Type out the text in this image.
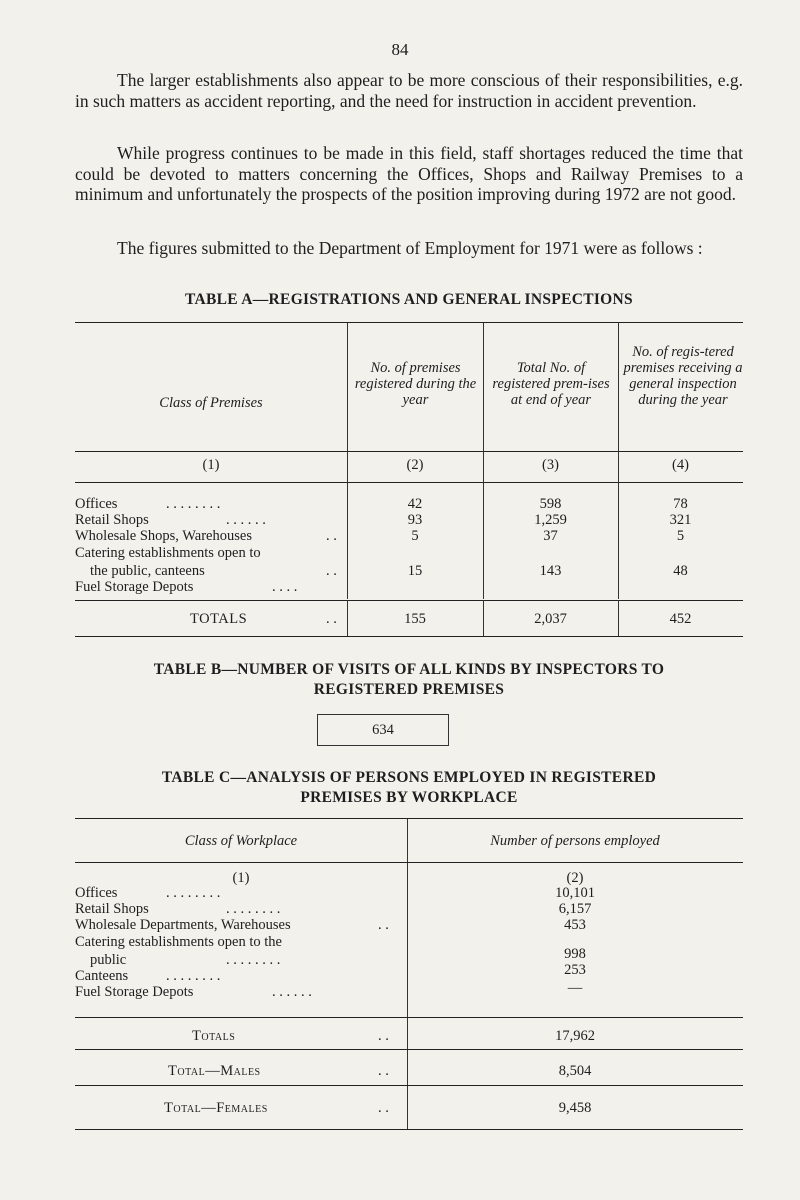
84

The larger establishments also appear to be more conscious of their responsibilities, e.g. in such matters as accident reporting, and the need for instruction in accident prevention.

While progress continues to be made in this field, staff shortages reduced the time that could be devoted to matters concerning the Offices, Shops and Railway Premises to a minimum and unfortunately the prospects of the position improving during 1972 are not good.

The figures submitted to the Department of Employment for 1971 were as follows :

TABLE A—REGISTRATIONS AND GENERAL INSPECTIONS

Class of Premises
No. of premises registered during the year
Total No. of registered prem-ises at end of year
No. of regis-tered premises receiving a general inspection during the year
(1)	(2)	(3)	(4)
Offices	. . . . . . . .	42	598	78
Retail Shops	. . . . . .	93	1,259	321
Wholesale Shops, Warehouses	. .	5	37	5
Catering establishments open to
the public, canteens	. .	15	143	48
Fuel Storage Depots	. . . .
TOTALS	. .	155	2,037	452

TABLE B—NUMBER OF VISITS OF ALL KINDS BY INSPECTORS TO

REGISTERED PREMISES

634

TABLE C—ANALYSIS OF PERSONS EMPLOYED IN REGISTERED

PREMISES BY WORKPLACE

Class of Workplace	Number of persons employed
(1)	(2)
Offices	. . . . . . . .	10,101
Retail Shops	. . . . . . . .	6,157
Wholesale Departments, Warehouses	. .	453
Catering establishments open to the
public	. . . . . . . .	998
Canteens	. . . . . . . .	253
Fuel Storage Depots	. . . . . .	—
Totals	. .	17,962
Total—Males	. .	8,504
Total—Females	. .	9,458
